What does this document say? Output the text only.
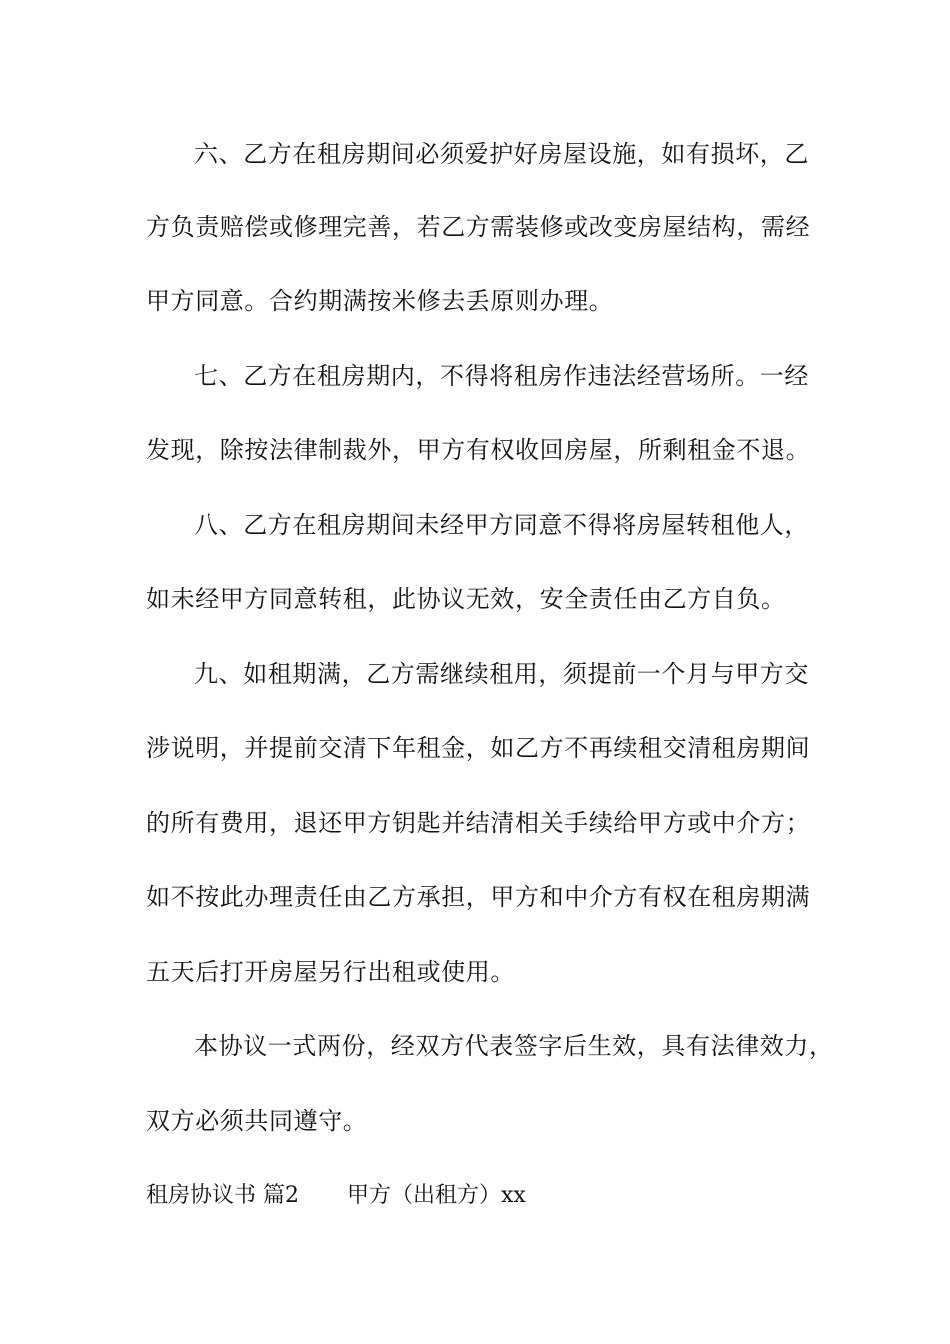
六、乙方在租房期间必须爱护好房屋设施，如有损坏，乙
方负责赔偿或修理完善，若乙方需装修或改变房屋结构，需经
甲方同意。合约期满按米修去丢原则办理。
七、乙方在租房期内，不得将租房作违法经营场所。一经
发现，除按法律制裁外，甲方有权收回房屋，所剩租金不退。
八、乙方在租房期间未经甲方同意不得将房屋转租他人，
如未经甲方同意转租，此协议无效，安全责任由乙方自负。
九、如租期满，乙方需继续租用，须提前一个月与甲方交
涉说明，并提前交清下年租金，如乙方不再续租交清租房期间
的所有费用，退还甲方钥匙并结清相关手续给甲方或中介方；
如不按此办理责任由乙方承担，甲方和中介方有权在租房期满
五天后打开房屋另行出租或使用。
本协议一式两份，经双方代表签字后生效，具有法律效力，
双方必须共同遵守。
租房协议书 篇2 甲方（出租方）xx
